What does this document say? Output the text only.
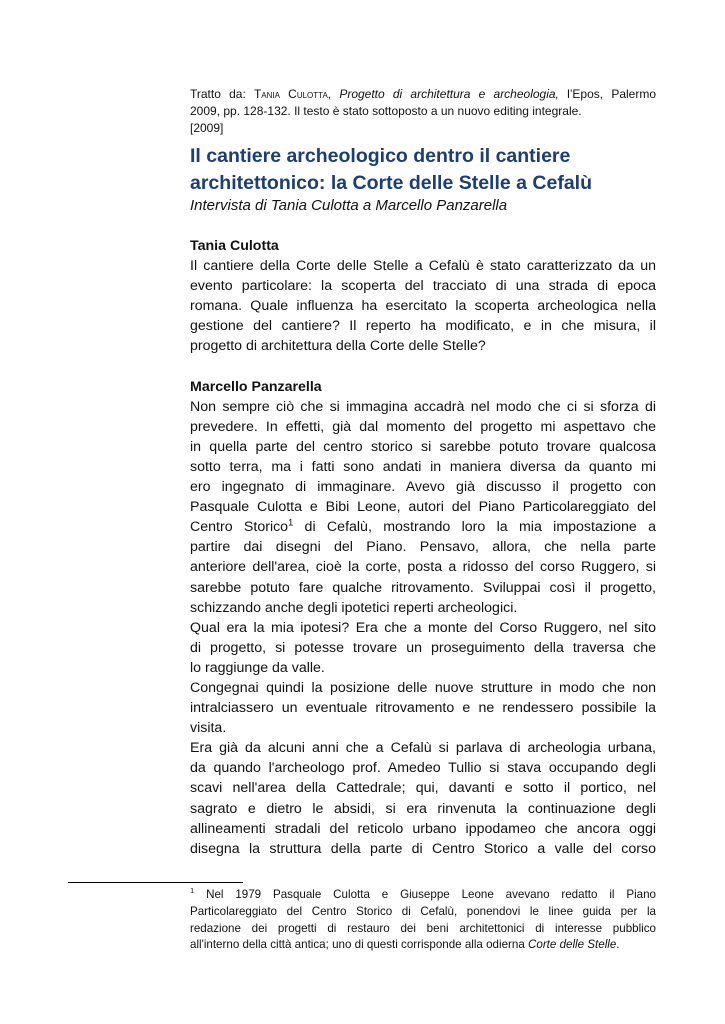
Tratto da: Tania Culotta, Progetto di architettura e archeologia, l’Epos, Palermo
2009, pp. 128-132. Il testo è stato sottoposto a un nuovo editing integrale.
[2009]
Il cantiere archeologico dentro il cantiere
architettonico: la Corte delle Stelle a Cefalù
Intervista di Tania Culotta a Marcello Panzarella
Tania Culotta
Il cantiere della Corte delle Stelle a Cefalù è stato caratterizzato da un
evento particolare: la scoperta del tracciato di una strada di epoca
romana. Quale influenza ha esercitato la scoperta archeologica nella
gestione del cantiere? Il reperto ha modificato, e in che misura, il
progetto di architettura della Corte delle Stelle?
Marcello Panzarella
Non sempre ciò che si immagina accadrà nel modo che ci si sforza di
prevedere. In effetti, già dal momento del progetto mi aspettavo che
in quella parte del centro storico si sarebbe potuto trovare qualcosa
sotto terra, ma i fatti sono andati in maniera diversa da quanto mi
ero ingegnato di immaginare. Avevo già discusso il progetto con
Pasquale Culotta e Bibi Leone, autori del Piano Particolareggiato del
Centro Storico$^1$ di Cefalù, mostrando loro la mia impostazione a
partire dai disegni del Piano. Pensavo, allora, che nella parte
anteriore dell'area, cioè la corte, posta a ridosso del corso Ruggero, si
sarebbe potuto fare qualche ritrovamento. Sviluppai così il progetto,
schizzando anche degli ipotetici reperti archeologici.
Qual era la mia ipotesi? Era che a monte del Corso Ruggero, nel sito
di progetto, si potesse trovare un proseguimento della traversa che
lo raggiunge da valle.
Congegnai quindi la posizione delle nuove strutture in modo che non
intralciassero un eventuale ritrovamento e ne rendessero possibile la
visita.
Era già da alcuni anni che a Cefalù si parlava di archeologia urbana,
da quando l'archeologo prof. Amedeo Tullio si stava occupando degli
scavi nell'area della Cattedrale; qui, davanti e sotto il portico, nel
sagrato e dietro le absidi, si era rinvenuta la continuazione degli
allineamenti stradali del reticolo urbano ippodameo che ancora oggi
disegna la struttura della parte di Centro Storico a valle del corso
$^1$ Nel 1979 Pasquale Culotta e Giuseppe Leone avevano redatto il Piano
Particolareggiato del Centro Storico di Cefalù, ponendovi le linee guida per la
redazione dei progetti di restauro dei beni architettonici di interesse pubblico
all'interno della città antica; uno di questi corrisponde alla odierna Corte delle Stelle.
